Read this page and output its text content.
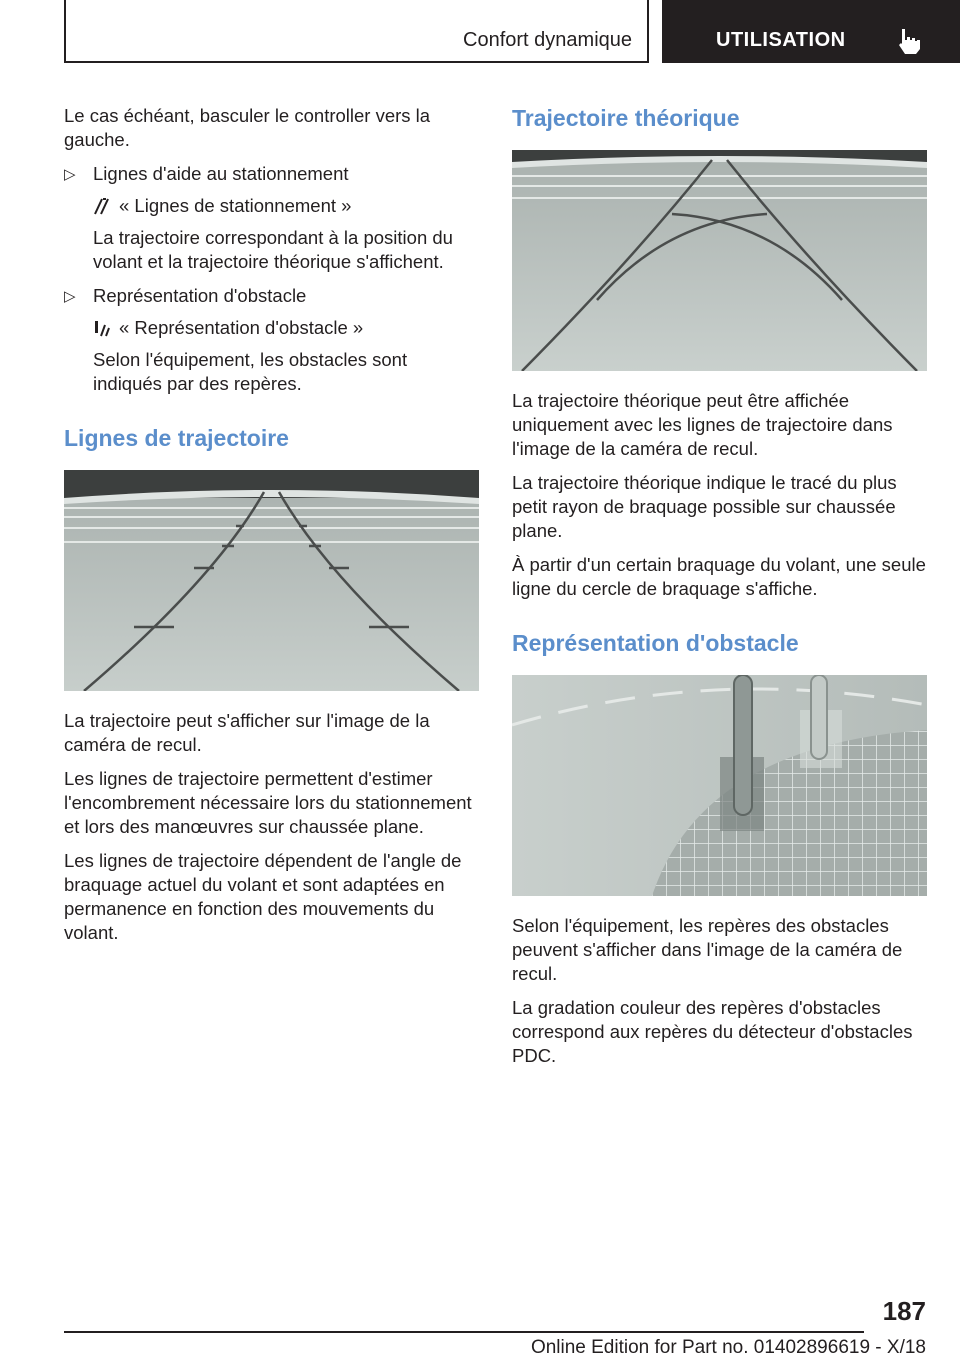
Confort dynamique	UTILISATION

Le cas échéant, basculer le controller vers la gauche.

▷ Lignes d'aide au stationnement
« Lignes de stationnement »
La trajectoire correspondant à la position du volant et la trajectoire théorique s'affichent.
▷ Représentation d'obstacle
« Représentation d'obstacle »
Selon l'équipement, les obstacles sont indiqués par des repères.
Lignes de trajectoire

La trajectoire peut s'afficher sur l'image de la caméra de recul.

Les lignes de trajectoire permettent d'estimer l'encombrement nécessaire lors du stationnement et lors des manœuvres sur chaussée plane.

Les lignes de trajectoire dépendent de l'angle de braquage actuel du volant et sont adaptées en permanence en fonction des mouvements du volant.

Trajectoire théorique

La trajectoire théorique peut être affichée uniquement avec les lignes de trajectoire dans l'image de la caméra de recul.

La trajectoire théorique indique le tracé du plus petit rayon de braquage possible sur chaussée plane.

À partir d'un certain braquage du volant, une seule ligne du cercle de braquage s'affiche.

Représentation d'obstacle

Selon l'équipement, les repères des obstacles peuvent s'afficher dans l'image de la caméra de recul.

La gradation couleur des repères d'obstacles correspond aux repères du détecteur d'obstacles PDC.

187
Online Edition for Part no. 01402896619 - X/18
